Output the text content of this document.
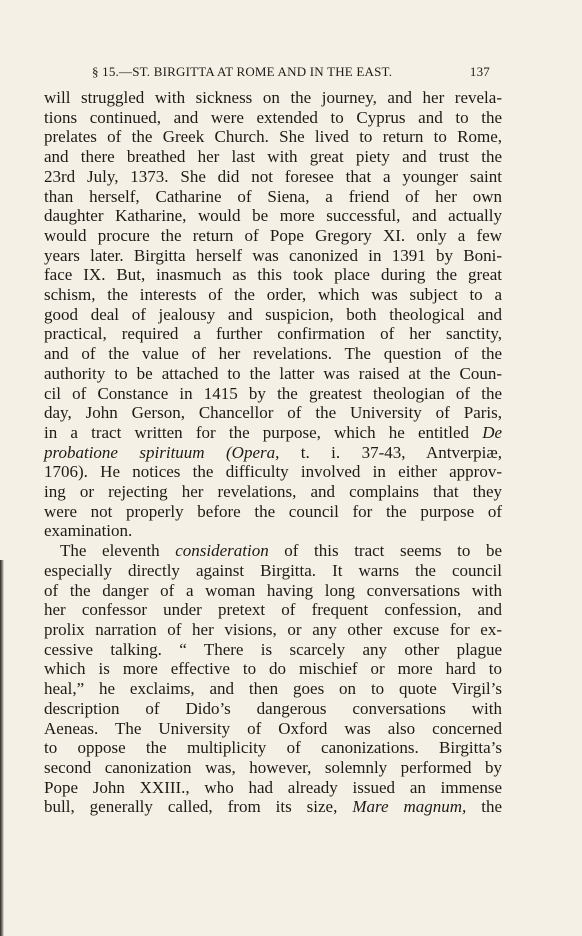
§ 15.—ST. BIRGITTA AT ROME AND IN THE EAST.	137
will struggled with sickness on the journey, and her revela-
tions continued, and were extended to Cyprus and to the
prelates of the Greek Church. She lived to return to Rome,
and there breathed her last with great piety and trust the
23rd July, 1373. She did not foresee that a younger saint
than herself, Catharine of Siena, a friend of her own
daughter Katharine, would be more successful, and actually
would procure the return of Pope Gregory XI. only a few
years later. Birgitta herself was canonized in 1391 by Boni-
face IX. But, inasmuch as this took place during the great
schism, the interests of the order, which was subject to a
good deal of jealousy and suspicion, both theological and
practical, required a further confirmation of her sanctity,
and of the value of her revelations. The question of the
authority to be attached to the latter was raised at the Coun-
cil of Constance in 1415 by the greatest theologian of the
day, John Gerson, Chancellor of the University of Paris,
in a tract written for the purpose, which he entitled De
probatione spirituum (Opera, t. i. 37-43, Antverpiæ,
1706). He notices the difficulty involved in either approv-
ing or rejecting her revelations, and complains that they
were not properly before the council for the purpose of
examination.
The eleventh consideration of this tract seems to be
especially directly against Birgitta. It warns the council
of the danger of a woman having long conversations with
her confessor under pretext of frequent confession, and
prolix narration of her visions, or any other excuse for ex-
cessive talking. “ There is scarcely any other plague
which is more effective to do mischief or more hard to
heal,” he exclaims, and then goes on to quote Virgil’s
description of Dido’s dangerous conversations with
Aeneas. The University of Oxford was also concerned
to oppose the multiplicity of canonizations. Birgitta’s
second canonization was, however, solemnly performed by
Pope John XXIII., who had already issued an immense
bull, generally called, from its size, Mare magnum, the
